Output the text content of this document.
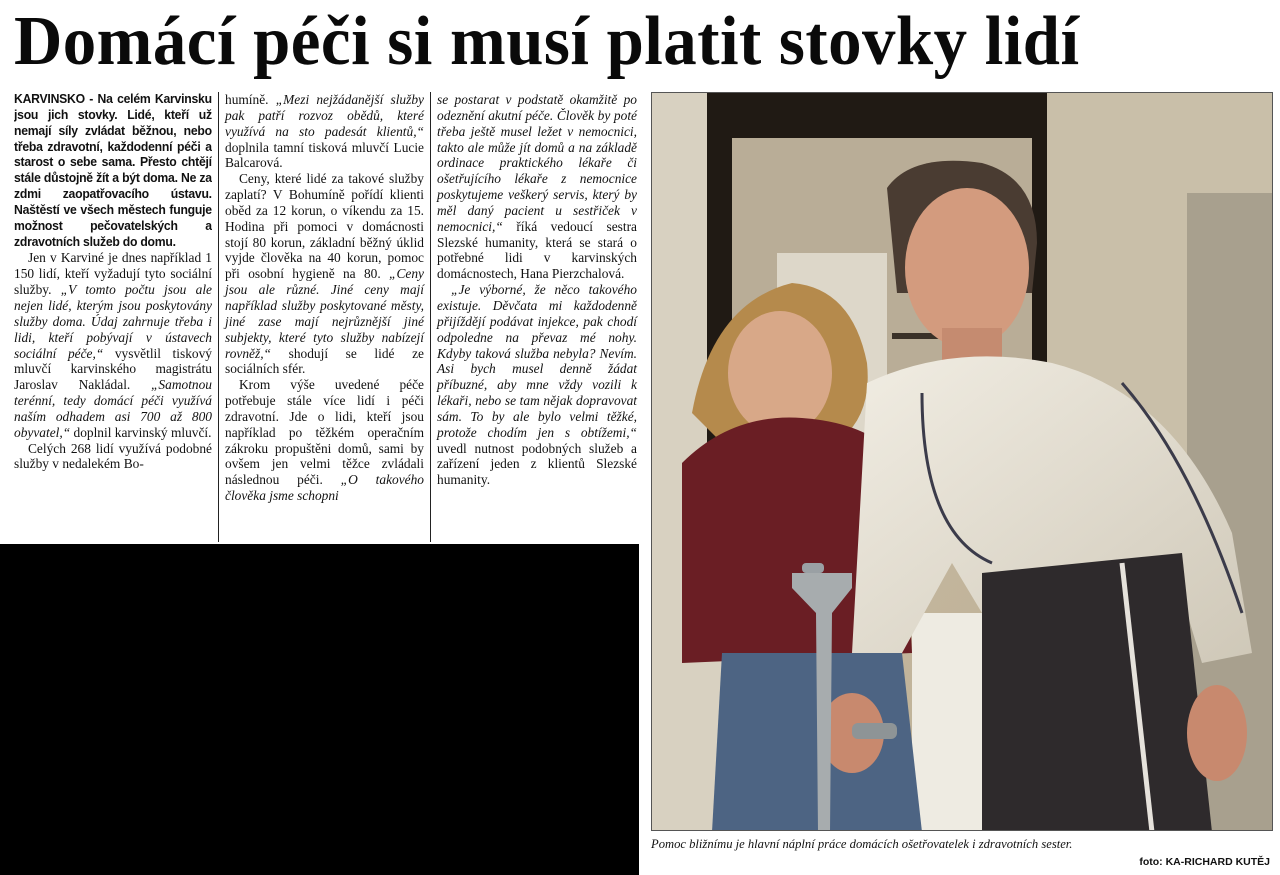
Domácí péči si musí platit stovky lidí
KARVINSKO - Na celém Karvinsku jsou jich stovky. Lidé, kteří už nemají síly zvládat běžnou, nebo třeba zdravotní, každodenní péči a starost o sebe sama. Přesto chtějí stále důstojně žít a být doma. Ne za zdmi zaopatřovacího ústavu. Naštěstí ve všech městech funguje možnost pečovatelských a zdravotních služeb do domu.

Jen v Karviné je dnes například 1 150 lidí, kteří vyžadují tyto sociální služby. „V tomto počtu jsou ale nejen lidé, kterým jsou poskytovány služby doma. Údaj zahrnuje třeba i lidi, kteří pobývají v ústavech sociální péče,“ vysvětlil tiskový mluvčí karvinského magistrátu Jaroslav Nakládal. „Samotnou terénní, tedy domácí péči využívá naším odhadem asi 700 až 800 obyvatel,“ doplnil karvinský mluvčí.

Celých 268 lidí využívá podobné služby v nedalekém Bo-

humíně. „Mezi nejžádanější služby pak patří rozvoz obědů, které využívá na sto padesát klientů,“ doplnila tamní tisková mluvčí Lucie Balcarová.

Ceny, které lidé za takové služby zaplatí? V Bohumíně pořídí klienti oběd za 12 korun, o víkendu za 15. Hodina při pomoci v domácnosti stojí 80 korun, základní běžný úklid vyjde člověka na 40 korun, pomoc při osobní hygieně na 80. „Ceny jsou ale různé. Jiné ceny mají například služby poskytované městy, jiné zase mají nejrůznější jiné subjekty, které tyto služby nabízejí rovněž,“ shodují se lidé ze sociálních sfér.

Krom výše uvedené péče potřebuje stále více lidí i péči zdravotní. Jde o lidi, kteří jsou například po těžkém operačním zákroku propuštěni domů, sami by ovšem jen velmi těžce zvládali následnou péči. „O takového člověka jsme schopni

se postarat v podstatě okamžitě po odeznění akutní péče. Člověk by poté třeba ještě musel ležet v nemocnici, takto ale může jít domů a na základě ordinace praktického lékaře či ošetřujícího lékaře z nemocnice poskytujeme veškerý servis, který by měl daný pacient u sestřiček v nemocnici,“ říká vedoucí sestra Slezské humanity, která se stará o potřebné lidi v karvinských domácnostech, Hana Pierzchalová.

„Je výborné, že něco takového existuje. Děvčata mi každodenně přijíždějí podávat injekce, pak chodí odpoledne na převaz mé nohy. Kdyby taková služba nebyla? Nevím. Asi bych musel denně žádat příbuzné, aby mne vždy vozili k lékaři, nebo se tam nějak dopravovat sám. To by ale bylo velmi těžké, protože chodím jen s obtížemi,“ uvedl nutnost podobných služeb a zařízení jeden z klientů Slezské humanity.

Pomoc bližnímu je hlavní náplní práce domácích ošetřovatelek i zdravotních sester.
foto: KA-RICHARD KUTĚJ
